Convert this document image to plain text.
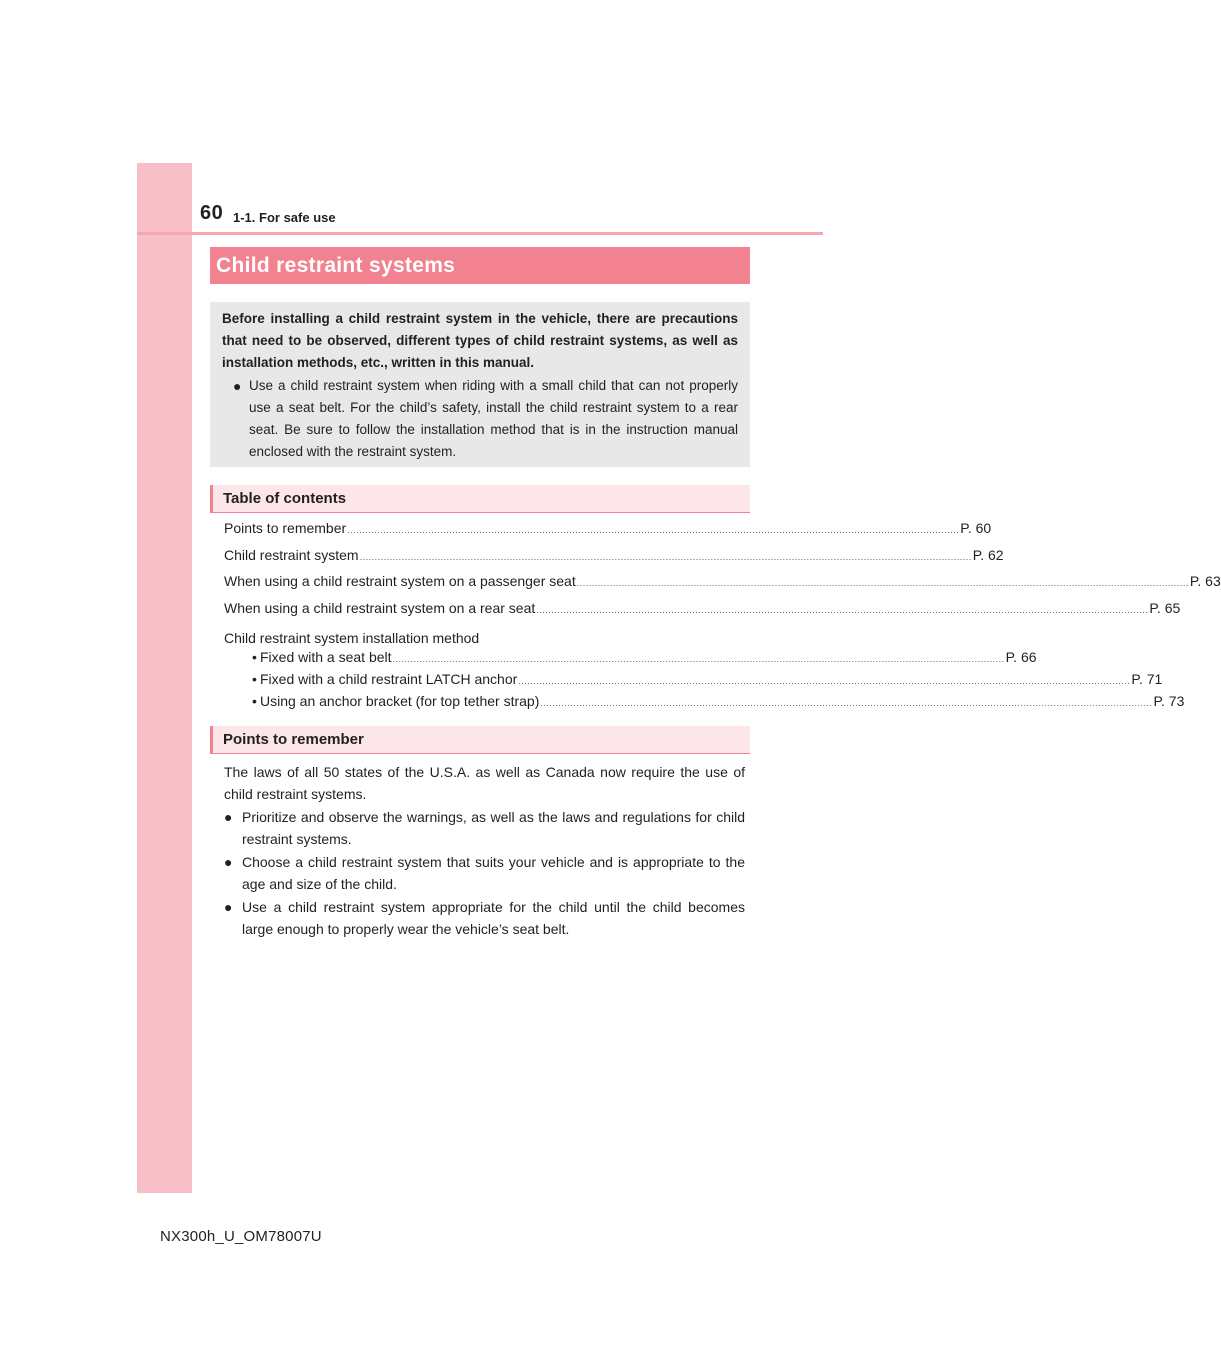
60 1-1. For safe use
Child restraint systems

Before installing a child restraint system in the vehicle, there are precautions that need to be observed, different types of child restraint systems, as well as installation methods, etc., written in this manual.

● Use a child restraint system when riding with a small child that can not properly use a seat belt. For the child’s safety, install the child restraint system to a rear seat. Be sure to follow the installation method that is in the instruction manual enclosed with the restraint system.

Table of contents
Points to remember ............................................................................................................................................................................................................ P. 60
Child restraint system ............................................................................................................................................................................................................ P. 62
When using a child restraint system on a passenger seat ............................................................................................................................................................................................................ P. 63
When using a child restraint system on a rear seat ............................................................................................................................................................................................................ P. 65
Child restraint system installation method
• Fixed with a seat belt ............................................................................................................................................................................................................ P. 66
• Fixed with a child restraint LATCH anchor ............................................................................................................................................................................................................ P. 71
• Using an anchor bracket (for top tether strap) ............................................................................................................................................................................................................ P. 73
Points to remember

The laws of all 50 states of the U.S.A. as well as Canada now require the use of child restraint systems.

● Prioritize and observe the warnings, as well as the laws and regulations for child restraint systems.

● Choose a child restraint system that suits your vehicle and is appropriate to the age and size of the child.

● Use a child restraint system appropriate for the child until the child becomes large enough to properly wear the vehicle’s seat belt.

NX300h_U_OM78007U
